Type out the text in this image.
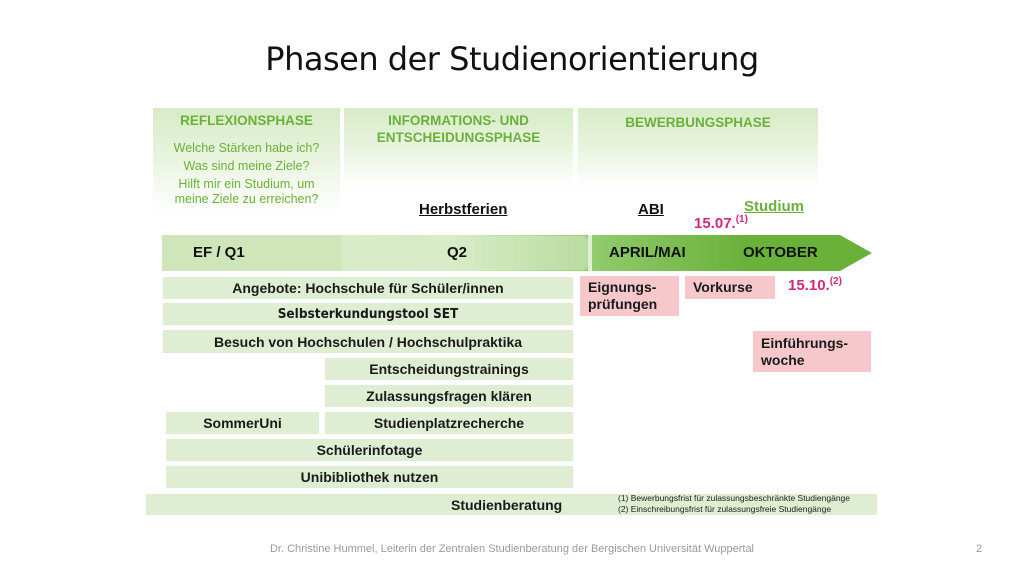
Phasen der Studienorientierung
REFLEXIONSPHASE
Welche Stärken habe ich?
Was sind meine Ziele?
Hilft mir ein Studium, um
meine Ziele zu erreichen?
INFORMATIONS- UND
ENTSCHEIDUNGSPHASE
BEWERBUNGSPHASE
Herbstferien	ABI	Studium
15.07.$^{(1)}$
EF / Q1	Q2	APRIL/MAI	OKTOBER
Angebote: Hochschule für Schüler/innen
Selbsterkundungstool SET
Besuch von Hochschulen / Hochschulpraktika
Entscheidungstrainings
Zulassungsfragen klären
SommerUni	Studienplatzrecherche
Schülerinfotage
Unibibliothek nutzen
Eignungs-
prüfungen
Vorkurse	15.10.$^{(2)}$
Einführungs-
woche
Studienberatung	(1) Bewerbungsfrist für zulassungsbeschränkte Studiengänge
(2) Einschreibungsfrist für zulassungsfreie Studiengänge
Dr. Christine Hummel, Leiterin der Zentralen Studienberatung der Bergischen Universität Wuppertal	2
